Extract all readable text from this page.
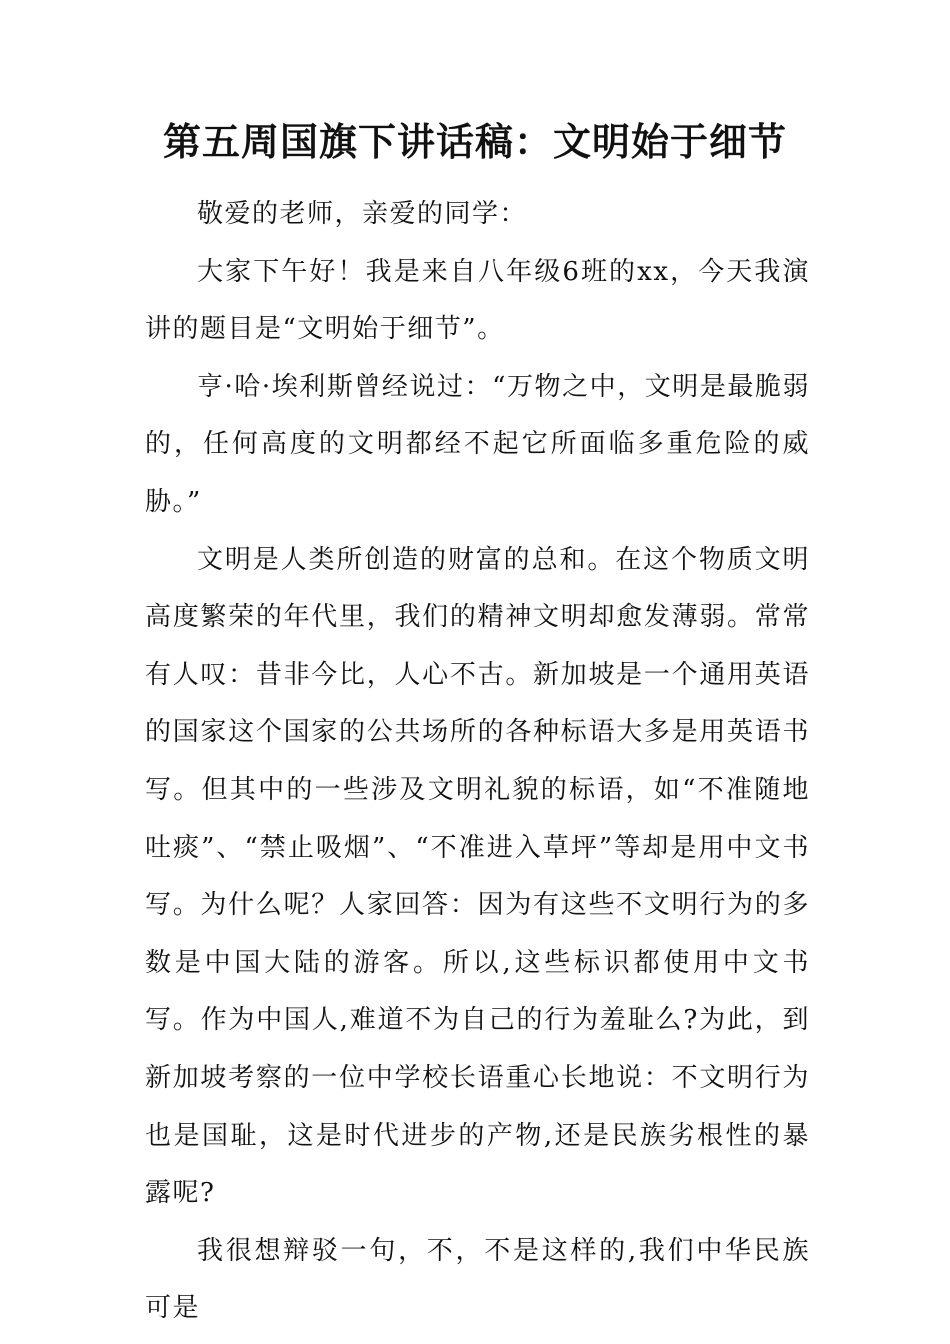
第五周国旗下讲话稿：文明始于细节

敬爱的老师，亲爱的同学：

大家下午好！我是来自八年级6班的xx，今天我演讲的题目是“文明始于细节”。

亨·哈·埃利斯曾经说过：“万物之中，文明是最脆弱的，任何高度的文明都经不起它所面临多重危险的威胁。”

文明是人类所创造的财富的总和。在这个物质文明高度繁荣的年代里，我们的精神文明却愈发薄弱。常常有人叹：昔非今比，人心不古。新加坡是一个通用英语的国家这个国家的公共场所的各种标语大多是用英语书写。但其中的一些涉及文明礼貌的标语，如“不准随地吐痰”、“禁止吸烟”、“不准进入草坪”等却是用中文书写。为什么呢？人家回答：因为有这些不文明行为的多数是中国大陆的游客。所以,这些标识都使用中文书写。作为中国人,难道不为自己的行为羞耻么?为此，到新加坡考察的一位中学校长语重心长地说：不文明行为也是国耻，这是时代进步的产物,还是民族劣根性的暴露呢?

我很想辩驳一句，不，不是这样的,我们中华民族可是
